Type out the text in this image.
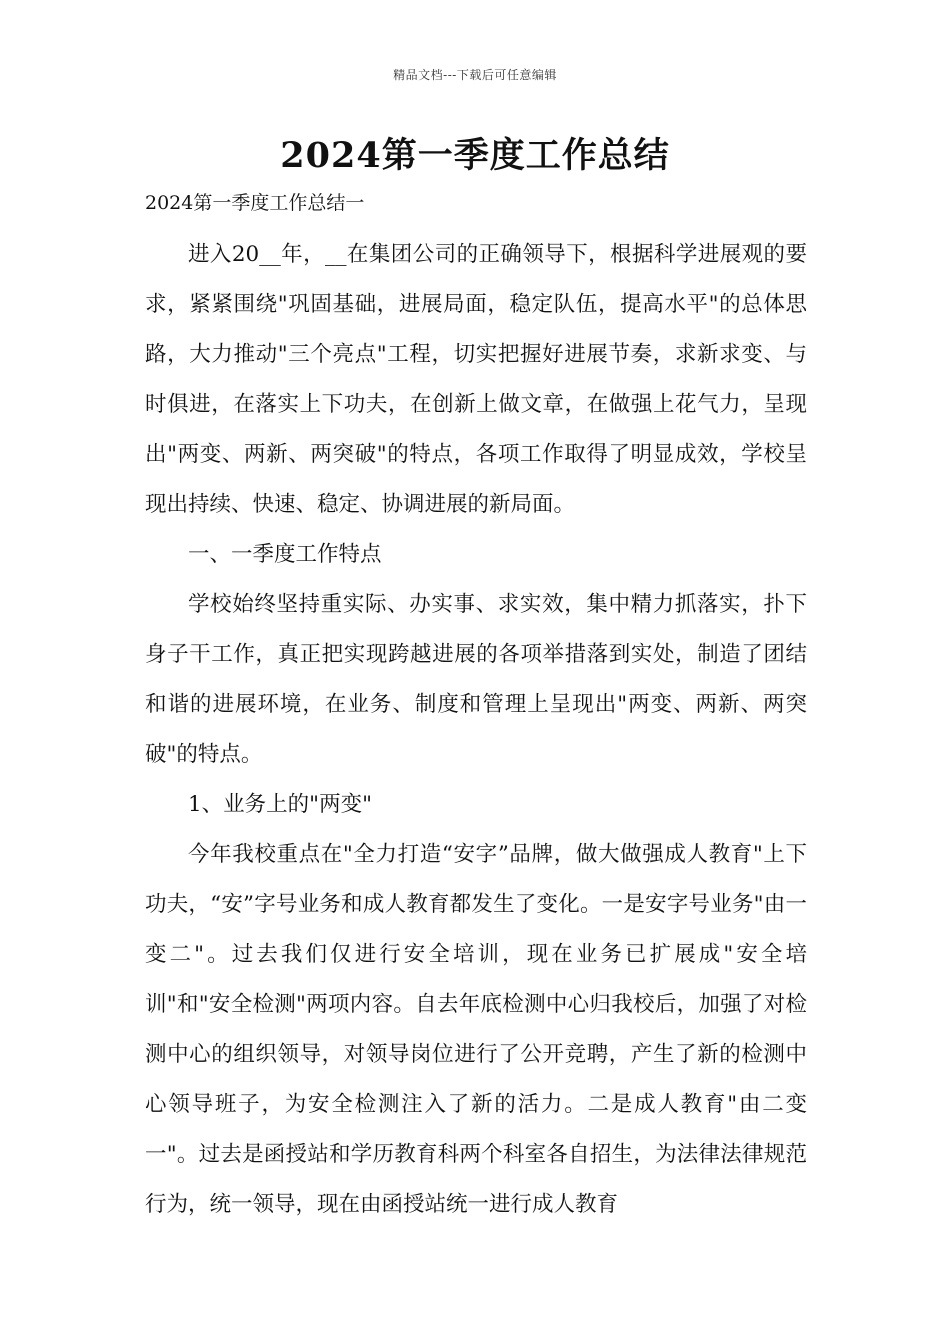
精品文档---下载后可任意编辑
2024第一季度工作总结

2024第一季度工作总结一

进入20__年，__在集团公司的正确领导下，根据科学进展观的要求，紧紧围绕"巩固基础，进展局面，稳定队伍，提高水平"的总体思路，大力推动"三个亮点"工程，切实把握好进展节奏，求新求变、与时俱进，在落实上下功夫，在创新上做文章，在做强上花气力，呈现出"两变、两新、两突破"的特点，各项工作取得了明显成效，学校呈现出持续、快速、稳定、协调进展的新局面。

一、一季度工作特点

学校始终坚持重实际、办实事、求实效，集中精力抓落实，扑下身子干工作，真正把实现跨越进展的各项举措落到实处，制造了团结和谐的进展环境，在业务、制度和管理上呈现出"两变、两新、两突破"的特点。

1、业务上的"两变"

今年我校重点在"全力打造“安字”品牌，做大做强成人教育"上下功夫，“安”字号业务和成人教育都发生了变化。一是安字号业务"由一变二"。过去我们仅进行安全培训，现在业务已扩展成"安全培训"和"安全检测"两项内容。自去年底检测中心归我校后，加强了对检测中心的组织领导，对领导岗位进行了公开竞聘，产生了新的检测中心领导班子，为安全检测注入了新的活力。二是成人教育"由二变一"。过去是函授站和学历教育科两个科室各自招生，为法律法律规范行为，统一领导，现在由函授站统一进行成人教育
